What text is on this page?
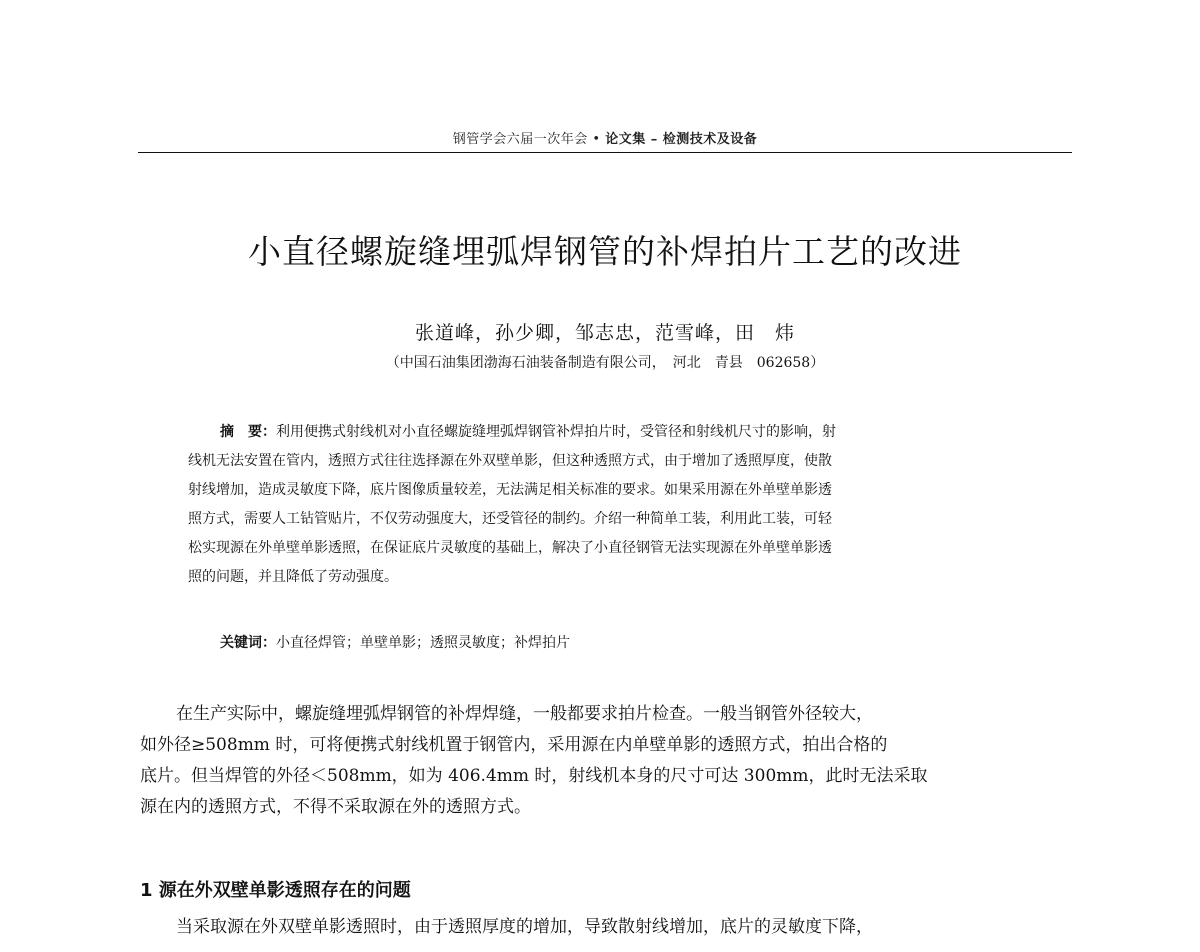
钢管学会六届一次年会 • 论文集 – 检测技术及设备
小直径螺旋缝埋弧焊钢管的补焊拍片工艺的改进
张道峰，孙少卿，邹志忠，范雪峰，田　炜
（中国石油集团渤海石油装备制造有限公司，　河北　青县　062658）
摘　要：利用便携式射线机对小直径螺旋缝埋弧焊钢管补焊拍片时，受管径和射线机尺寸的影响，射
线机无法安置在管内，透照方式往往选择源在外双壁单影，但这种透照方式，由于增加了透照厚度，使散
射线增加，造成灵敏度下降，底片图像质量较差，无法满足相关标准的要求。如果采用源在外单壁单影透
照方式，需要人工钻管贴片，不仅劳动强度大，还受管径的制约。介绍一种简单工装，利用此工装，可轻
松实现源在外单壁单影透照，在保证底片灵敏度的基础上，解决了小直径钢管无法实现源在外单壁单影透
照的问题，并且降低了劳动强度。
关键词：小直径焊管；单壁单影；透照灵敏度；补焊拍片
在生产实际中，螺旋缝埋弧焊钢管的补焊焊缝，一般都要求拍片检查。一般当钢管外径较大，
如外径≥508mm 时，可将便携式射线机置于钢管内，采用源在内单壁单影的透照方式，拍出合格的
底片。但当焊管的外径＜508mm，如为 406.4mm 时，射线机本身的尺寸可达 300mm，此时无法采取
源在内的透照方式，不得不采取源在外的透照方式。
1 源在外双壁单影透照存在的问题
当采取源在外双壁单影透照时，由于透照厚度的增加，导致散射线增加，底片的灵敏度下降，
